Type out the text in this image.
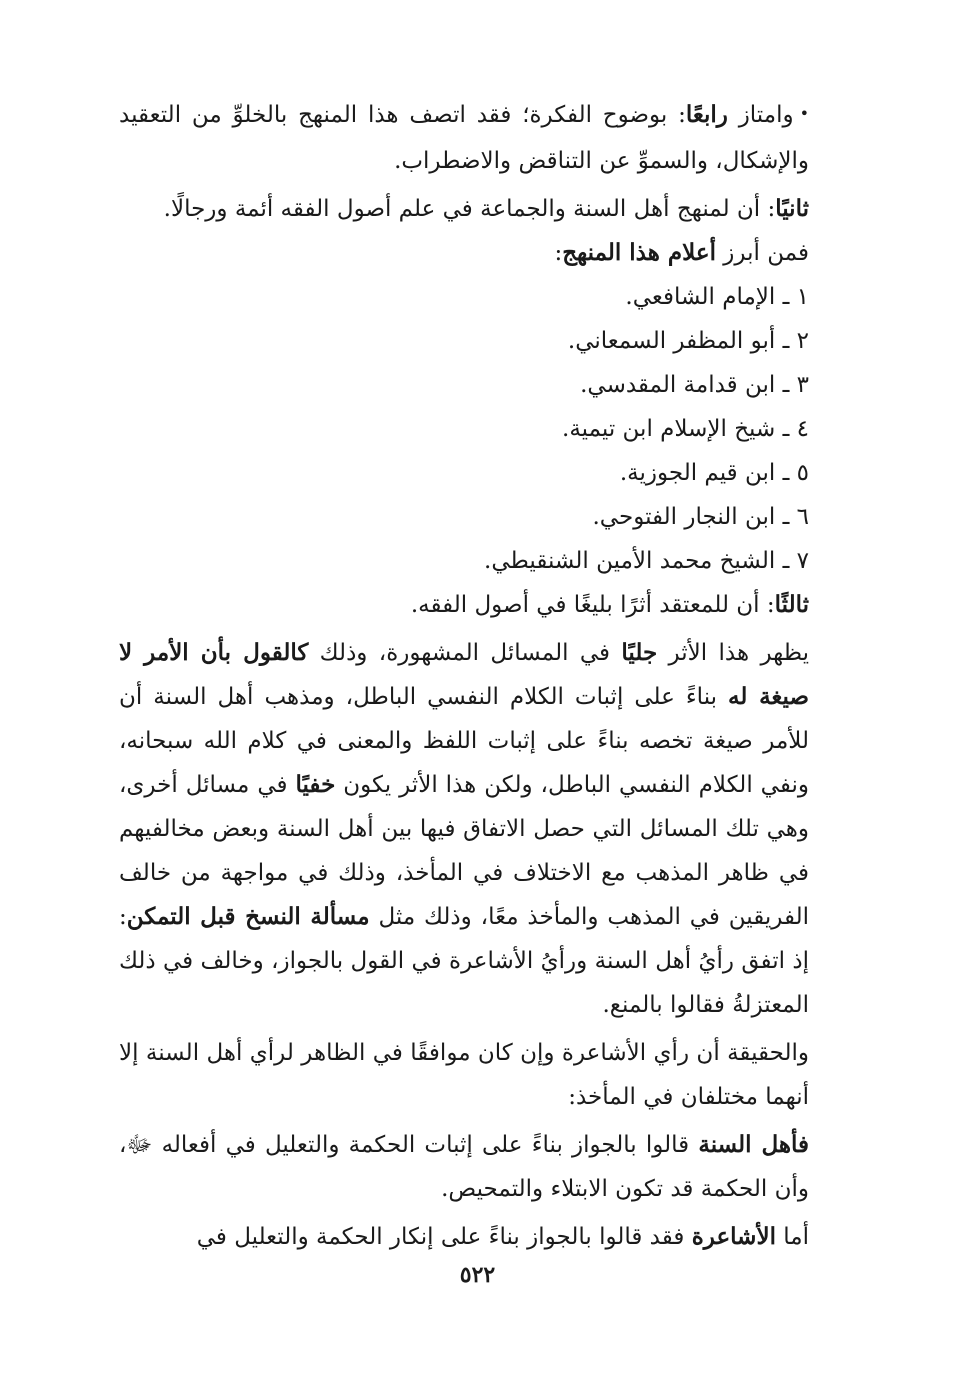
•وامتاز رابعًا: بوضوح الفكرة؛ فقد اتصف هذا المنهج بالخلوِّ من التعقيد والإشكال، والسموِّ عن التناقض والاضطراب.

ثانيًا: أن لمنهج أهل السنة والجماعة في علم أصول الفقه أئمة ورجالًا.

فمن أبرز أعلام هذا المنهج:

١ ـ الإمام الشافعي.
٢ ـ أبو المظفر السمعاني.
٣ ـ ابن قدامة المقدسي.
٤ ـ شيخ الإسلام ابن تيمية.
٥ ـ ابن قيم الجوزية.
٦ ـ ابن النجار الفتوحي.
٧ ـ الشيخ محمد الأمين الشنقيطي.

ثالثًا: أن للمعتقد أثرًا بليغًا في أصول الفقه.

يظهر هذا الأثر جليًا في المسائل المشهورة، وذلك كالقول بأن الأمر لا صيغة له بناءً على إثبات الكلام النفسي الباطل، ومذهب أهل السنة أن للأمر صيغة تخصه بناءً على إثبات اللفظ والمعنى في كلام الله سبحانه، ونفي الكلام النفسي الباطل، ولكن هذا الأثر يكون خفيًا في مسائل أخرى، وهي تلك المسائل التي حصل الاتفاق فيها بين أهل السنة وبعض مخالفيهم في ظاهر المذهب مع الاختلاف في المأخذ، وذلك في مواجهة من خالف الفريقين في المذهب والمأخذ معًا، وذلك مثل مسألة النسخ قبل التمكن: إذ اتفق رأيُ أهل السنة ورأيُ الأشاعرة في القول بالجواز، وخالف في ذلك المعتزلةُ فقالوا بالمنع.

والحقيقة أن رأي الأشاعرة وإن كان موافقًا في الظاهر لرأي أهل السنة إلا أنهما مختلفان في المأخذ:

فأهل السنة قالوا بالجواز بناءً على إثبات الحكمة والتعليل في أفعاله ﷻ، وأن الحكمة قد تكون الابتلاء والتمحيص.

أما الأشاعرة فقد قالوا بالجواز بناءً على إنكار الحكمة والتعليل في

٥٢٢
